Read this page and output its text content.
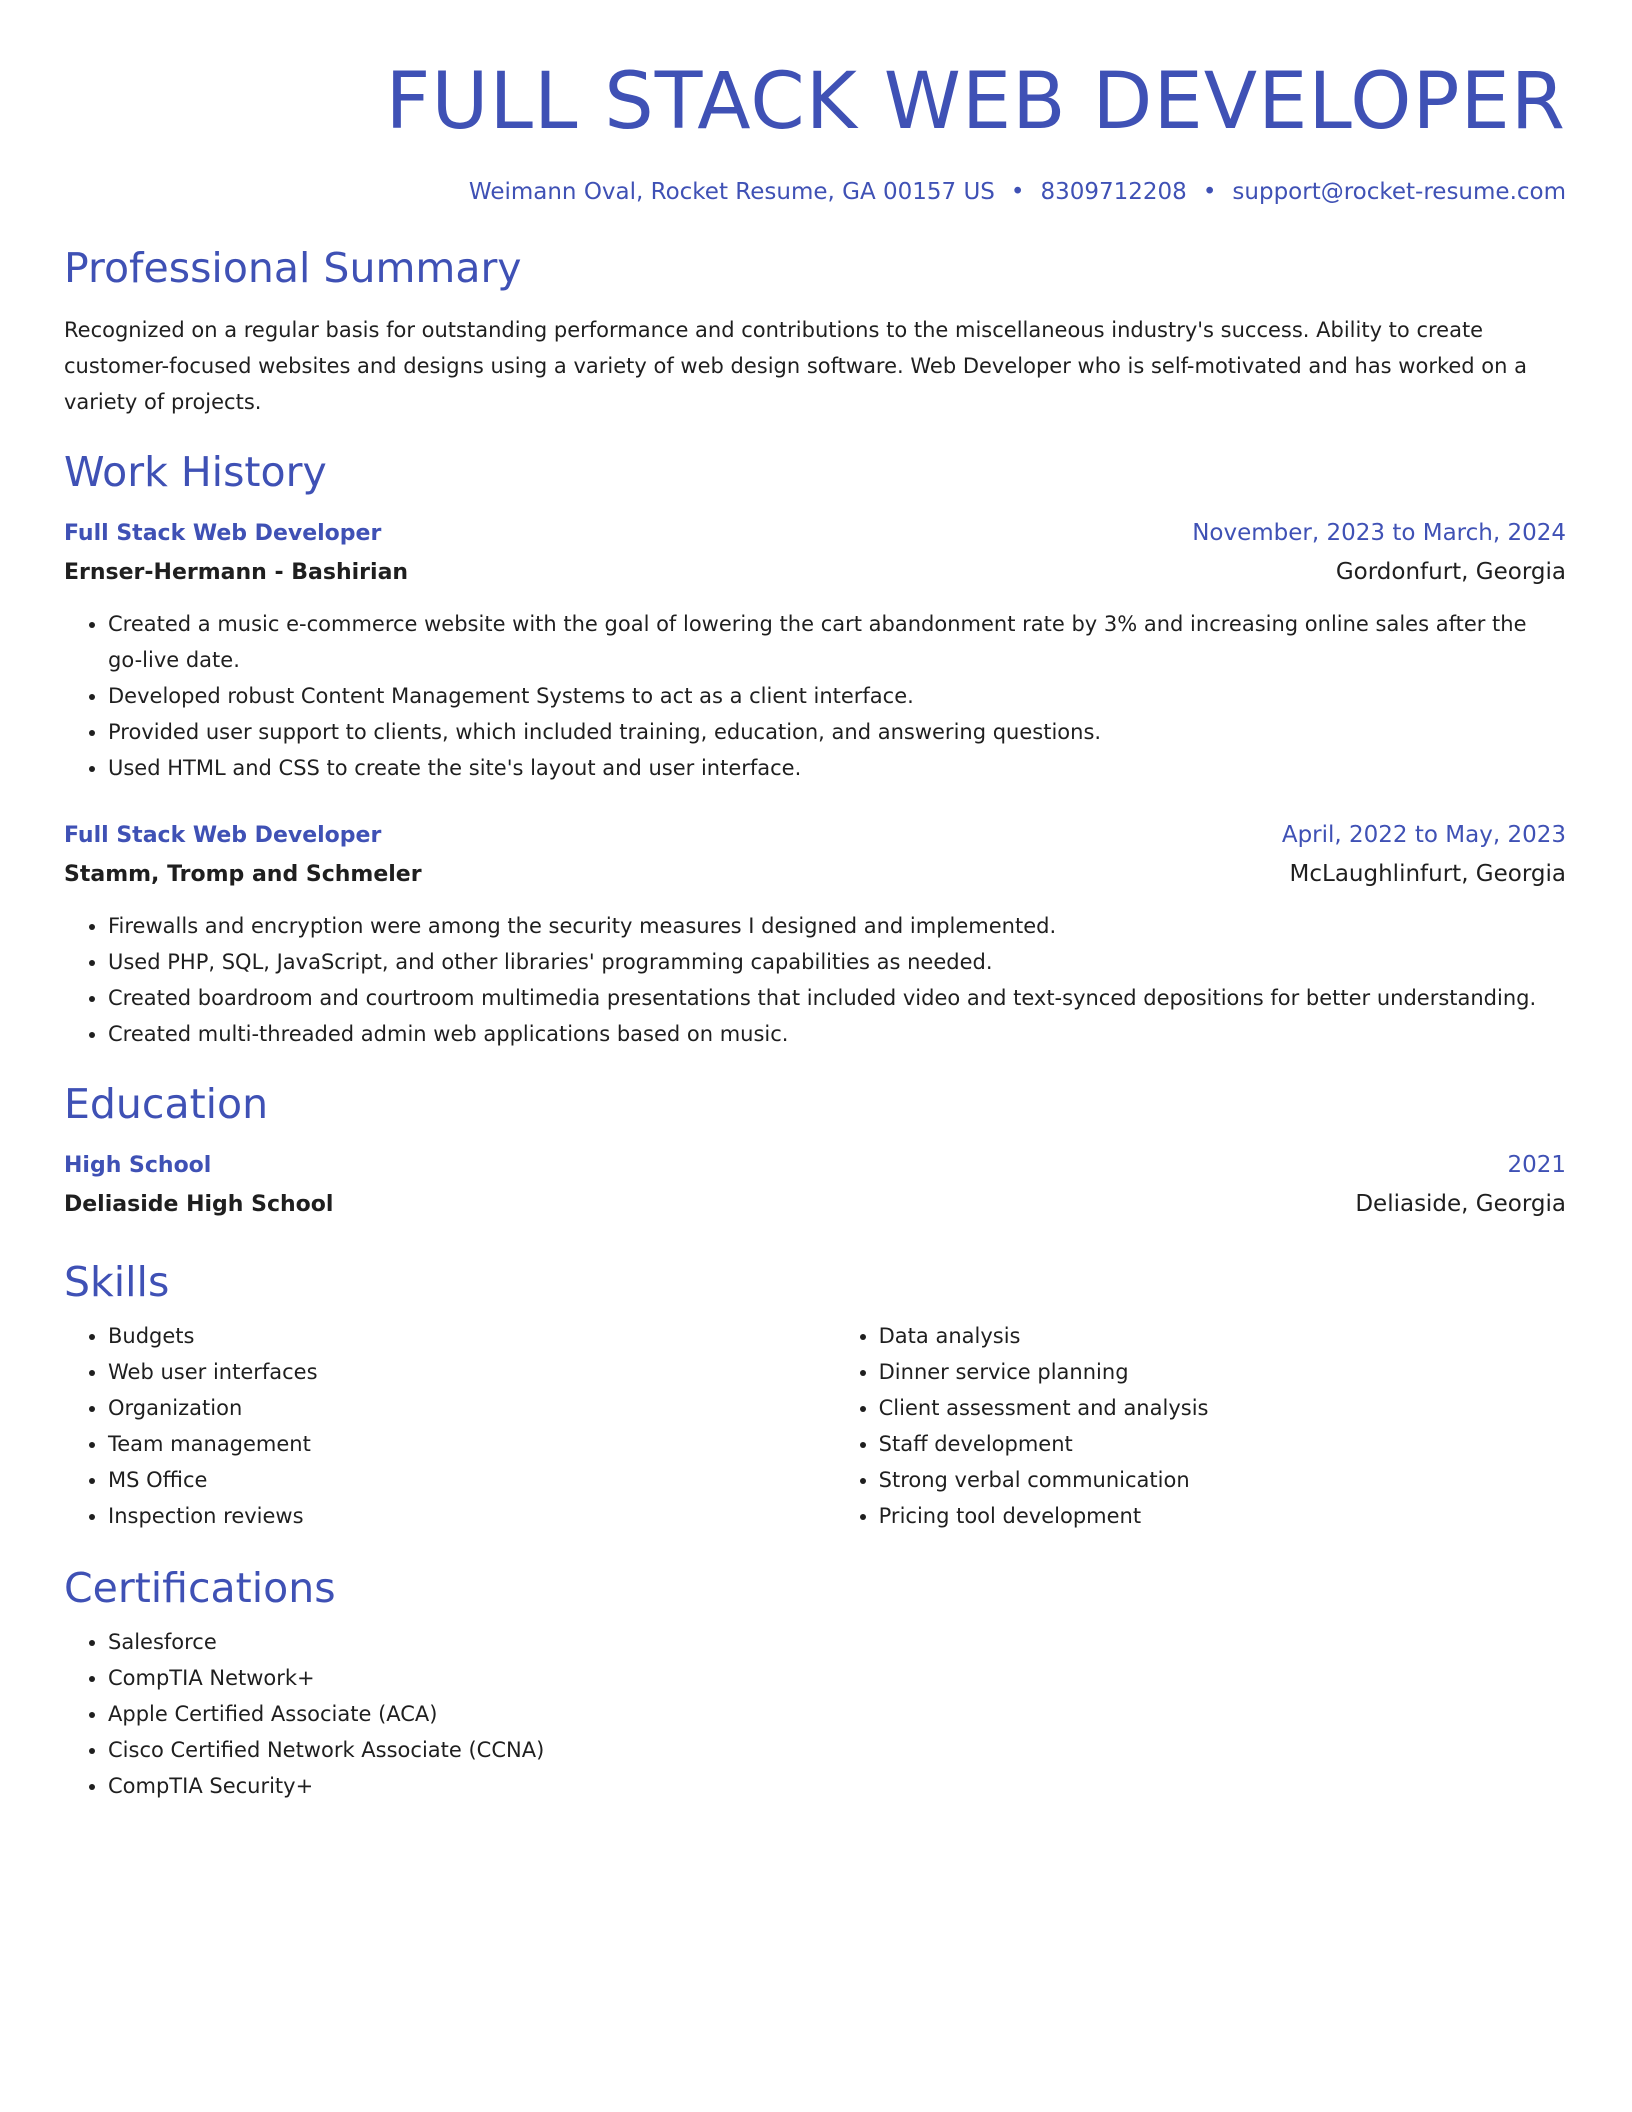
FULL STACK WEB DEVELOPER
Weimann Oval, Rocket Resume, GA 00157 US • 8309712208 • support@rocket-resume.com
Professional Summary

Recognized on a regular basis for outstanding performance and contributions to the miscellaneous industry's success. Ability to create customer-focused websites and designs using a variety of web design software. Web Developer who is self-motivated and has worked on a variety of projects.

Work History
Full Stack Web Developer	November, 2023 to March, 2024
Ernser-Hermann - Bashirian	Gordonfurt, Georgia
• Created a music e-commerce website with the goal of lowering the cart abandonment rate by 3% and increasing online sales after the go-live date.
• Developed robust Content Management Systems to act as a client interface.
• Provided user support to clients, which included training, education, and answering questions.
• Used HTML and CSS to create the site's layout and user interface.
Full Stack Web Developer	April, 2022 to May, 2023
Stamm, Tromp and Schmeler	McLaughlinfurt, Georgia
• Firewalls and encryption were among the security measures I designed and implemented.
• Used PHP, SQL, JavaScript, and other libraries' programming capabilities as needed.
• Created boardroom and courtroom multimedia presentations that included video and text-synced depositions for better understanding.
• Created multi-threaded admin web applications based on music.
Education
High School	2021
Deliaside High School	Deliaside, Georgia
Skills
• Budgets
• Web user interfaces
• Organization
• Team management
• MS Office
• Inspection reviews
• Data analysis
• Dinner service planning
• Client assessment and analysis
• Staff development
• Strong verbal communication
• Pricing tool development
Certifications
• Salesforce
• CompTIA Network+
• Apple Certified Associate (ACA)
• Cisco Certified Network Associate (CCNA)
• CompTIA Security+
